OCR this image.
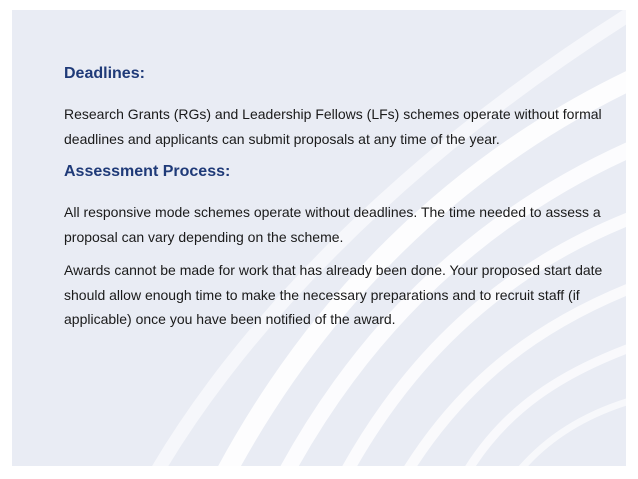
Deadlines:

Research Grants (RGs) and Leadership Fellows (LFs) schemes operate without formal deadlines and applicants can submit proposals at any time of the year.

Assessment Process:

All responsive mode schemes operate without deadlines. The time needed to assess a proposal can vary depending on the scheme.

Awards cannot be made for work that has already been done. Your proposed start date should allow enough time to make the necessary preparations and to recruit staff (if applicable) once you have been notified of the award.
